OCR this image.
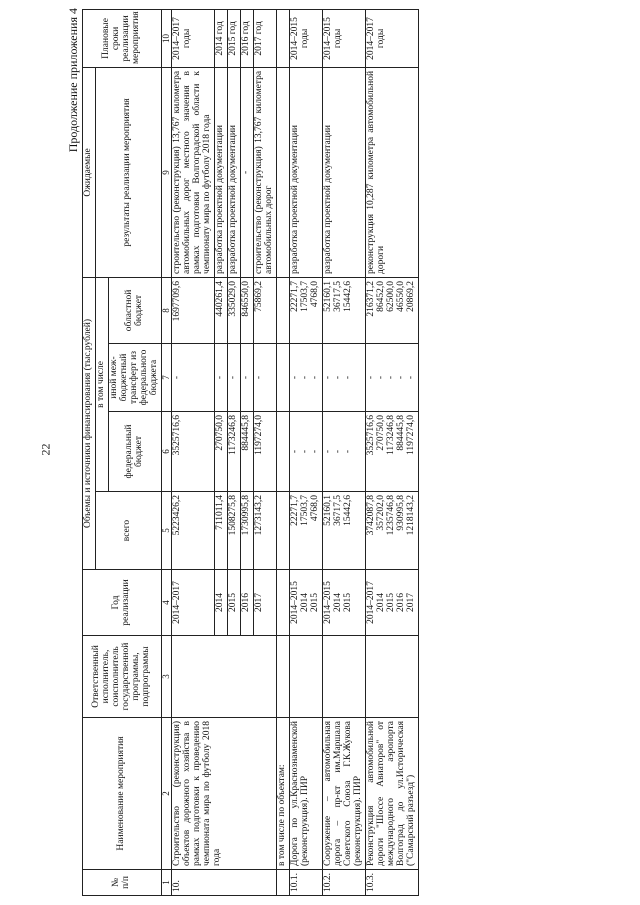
22
Продолжение приложения 4
№ п/п	Наименование мероприятия	Ответственный исполнитель, соисполнитель государственной программы, подпрограммы	Год реализации	Объемы и источники финансирования (тыс.рублей)				Ожидаемые	Плановые сроки реализации мероприятия
				всего	в том числе			результаты реализации мероприятия	
					федеральный бюджет	иной меж-бюджетный трансферт из федерального бюджета	областной бюджет		
1	2	3	4	5	6	7	8	9	10
10.	Строительство (реконструкция) объектов дорожного хозяйства в рамках подготовки к проведению чемпионата мира по футболу 2018 года		2014–2017	5223426,2	3525716,6	-	1697709,6	строительство (реконструкция) 13,767 километра автомобильных дорог местного значения в рамках подготовки Волгоградской области к чемпионату мира по футболу 2018 года	2014–2017 годы
			2014	711011,4	270750,0	-	440261,4	разработка проектной документации	2014 год
			2015	1508275,8	1173246,8	-	335029,0	разработка проектной документации	2015 год
			2016	1730995,8	884445,8	-	846550,0	-	2016 год
			2017	1273143,2	1197274,0	-	75869,2	строительство (реконструкция) 13,767 километра автомобильных дорог	2017 год
	в том числе по объектам:								
10.1.	Дорога по ул.Краснознаменской (реконструкция). ПИР		2014–2015 2014 2015	22271,7 17503,7 4768,0	- - -	- - -	22271,7 17503,7 4768,0	разработка проектной документации	2014–2015 годы
10.2.	Сооружение – автомобильная дорога – пр-кт им.Маршала Советского Союза Г.К.Жукова (реконструкция). ПИР		2014–2015 2014 2015	52160,1 36717,5 15442,6	- - -	- - -	52160,1 36717,5 15442,6	разработка проектной документации	2014–2015 годы
10.3.	Реконструкция автомобильной дороги "Шоссе Авиаторов" от международного аэропорта Волгоград до ул.Историческая ("Самарский разъезд")		2014–2017 2014 2015 2016 2017	3742087,8 357202,0 1235746,8 930995,8 1218143,2	3525716,6 270750,0 1173246,8 884445,8 1197274,0	- - - - -	216371,2 86452,0 62500,0 46550,0 20869,2	реконструкция 10,287 километра автомобильной дороги	2014–2017 годы
